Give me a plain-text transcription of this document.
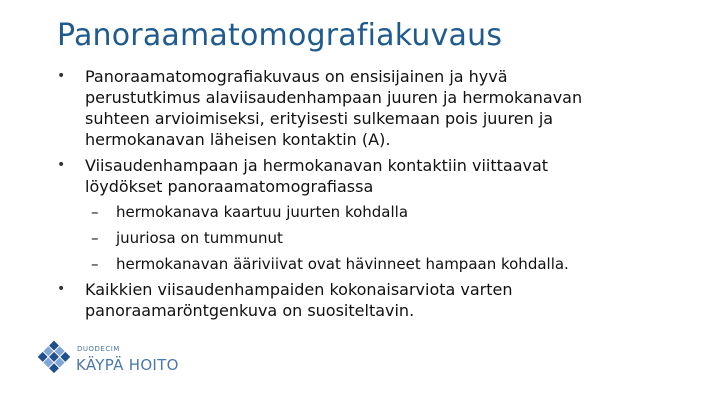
Panoraamatomografiakuvaus
•	Panoraamatomografiakuvaus on ensisijainen ja hyvä
perustutkimus alaviisaudenhampaan juuren ja hermokanavan
suhteen arvioimiseksi, erityisesti sulkemaan pois juuren ja
hermokanavan läheisen kontaktin (A).
•	Viisaudenhampaan ja hermokanavan kontaktiin viittaavat
löydökset panoraamatomografiassa
– hermokanava kaartuu juurten kohdalla
– juuriosa on tummunut
– hermokanavan ääriviivat ovat hävinneet hampaan kohdalla.
•	Kaikkien viisaudenhampaiden kokonaisarviota varten
panoraamaröntgenkuva on suositeltavin.
DUODECIM
KÄYPÄ HOITO
